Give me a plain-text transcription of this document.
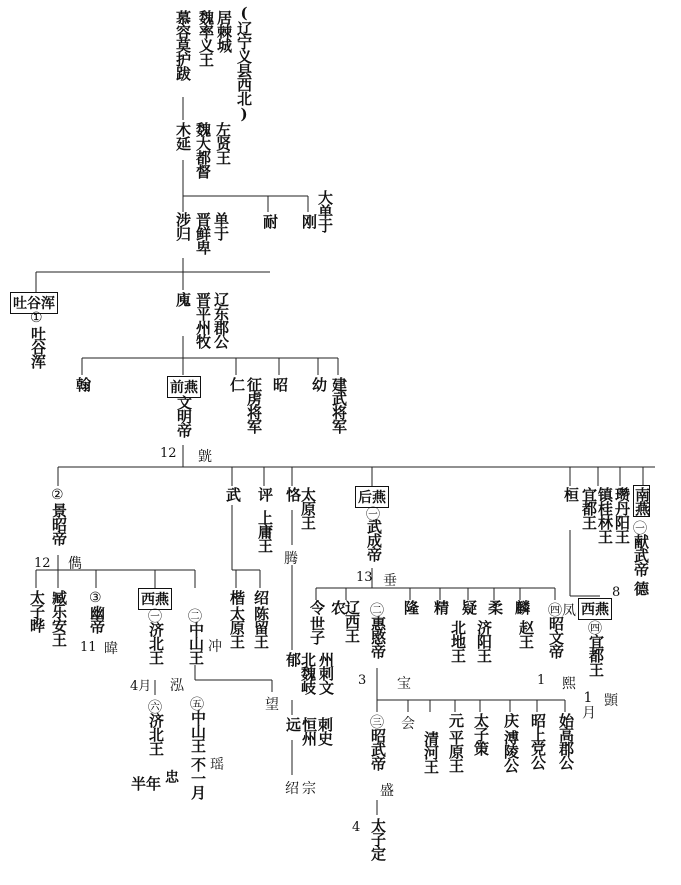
慕容莫护跋 魏率义王 居棘城 (辽宁义县西北)
木延 魏大都督 左贤王
涉归 晋鲜卑 单于 耐 刚
大单于
吐谷浑
①
吐谷浑
廆 晋平州牧 辽东郡公
翰	前燕
文明帝
仁 征虏将军 昭 幼 建武将军
12 皝
②
景昭帝
12 儁
武 评
上庸王
恪
太原王	后燕
㊀
武成帝
13 垂
桓 宜都王
镇桂林王 瓒丹阳王 南燕
㊀
献武帝
德
8
太子晔 臧乐安王 ③
幽帝
11 暐
西燕
㊀
济北王
4月 泓
㊁
中山王 冲
楷
太原王
绍
陈留王
腾
令
世子
农
辽西王 ㊁
惠愍帝
3 宝
隆 精 疑
北地王
柔
济阳王
麟
赵王
㊃
昭文帝
1 熙
凤 西燕
㊃
宜都王
1月 顗
㊅
济北王
忠
半年
㊄
中山王
瑶
不一月
望
郁
北魏岐 州刺文
远
恒州
刺史
绍 宗
㊂
昭武帝
盛
4 太子定
会
清河王
元
平原王 太子策 庆
溥陵公 昭上党公 始高郡公
